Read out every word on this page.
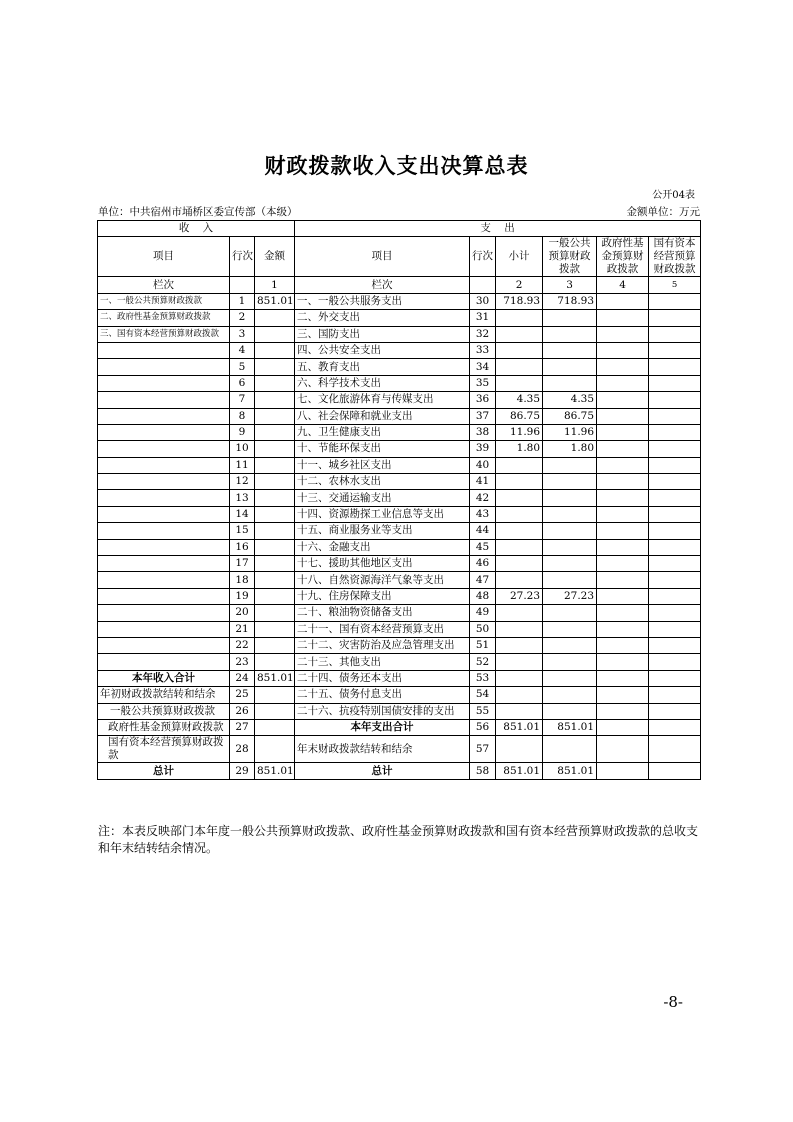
财政拨款收入支出决算总表
公开04表
单位：中共宿州市埇桥区委宣传部（本级）	金额单位：万元
收    入			支    出					
项目	行次	金额	项目	行次	小计	一般公共预算财政拨款	政府性基金预算财政拨款	国有资本经营预算财政拨款
栏次		1	栏次		2	3	4	5
一、一般公共预算财政拨款	1	851.01	一、一般公共服务支出	30	718.93	718.93		
二、政府性基金预算财政拨款	2		二、外交支出	31				
三、国有资本经营预算财政拨款	3		三、国防支出	32				
	4		四、公共安全支出	33				
	5		五、教育支出	34				
	6		六、科学技术支出	35				
	7		七、文化旅游体育与传媒支出	36	4.35	4.35		
	8		八、社会保障和就业支出	37	86.75	86.75		
	9		九、卫生健康支出	38	11.96	11.96		
	10		十、节能环保支出	39	1.80	1.80		
	11		十一、城乡社区支出	40				
	12		十二、农林水支出	41				
	13		十三、交通运输支出	42				
	14		十四、资源勘探工业信息等支出	43				
	15		十五、商业服务业等支出	44				
	16		十六、金融支出	45				
	17		十七、援助其他地区支出	46				
	18		十八、自然资源海洋气象等支出	47				
	19		十九、住房保障支出	48	27.23	27.23		
	20		二十、粮油物资储备支出	49				
	21		二十一、国有资本经营预算支出	50				
	22		二十二、灾害防治及应急管理支出	51				
	23		二十三、其他支出	52				
本年收入合计	24	851.01	二十四、债务还本支出	53				
年初财政拨款结转和结余	25		二十五、债务付息支出	54				
一般公共预算财政拨款	26		二十六、抗疫特别国债安排的支出	55				
政府性基金预算财政拨款	27		本年支出合计	56	851.01	851.01		
国有资本经营预算财政拨款	28		年末财政拨款结转和结余	57				
总计	29	851.01	总计	58	851.01	851.01		
注：本表反映部门本年度一般公共预算财政拨款、政府性基金预算财政拨款和国有资本经营预算财政拨款的总收支和年末结转结余情况。
-8-
